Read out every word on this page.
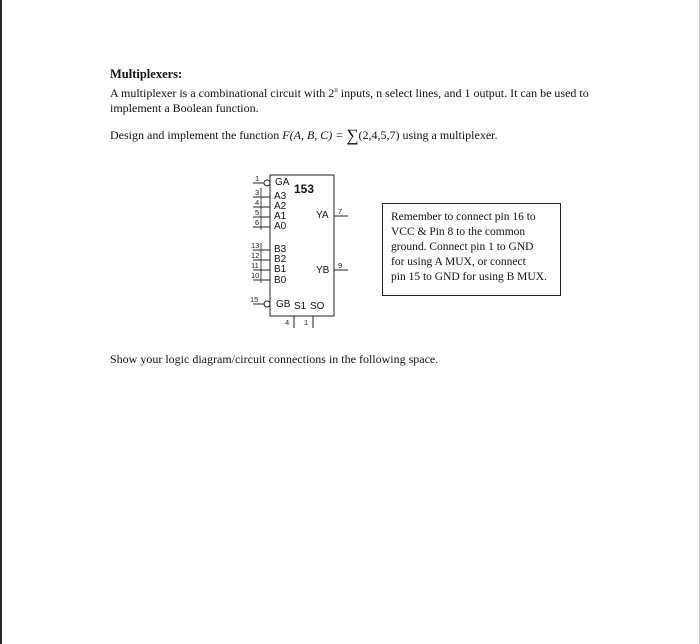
Multiplexers:
A multiplexer is a combinational circuit with 2$^n$ inputs, n select lines, and 1 output. It can be used to implement a Boolean function.
Design and implement the function F(A, B, C) = ∑(2,4,5,7) using a multiplexer.
153
GA
A3
A2
A1
A0
B3
B2
B1
B0
GB S1 SO
YA
YB
1
3
4
5
6
13
12
11
10
15
7
9
4 1
Remember to connect pin 16 to
VCC & Pin 8 to the common
ground. Connect pin 1 to GND
for using A MUX, or connect
pin 15 to GND for using B MUX.
Show your logic diagram/circuit connections in the following space.
